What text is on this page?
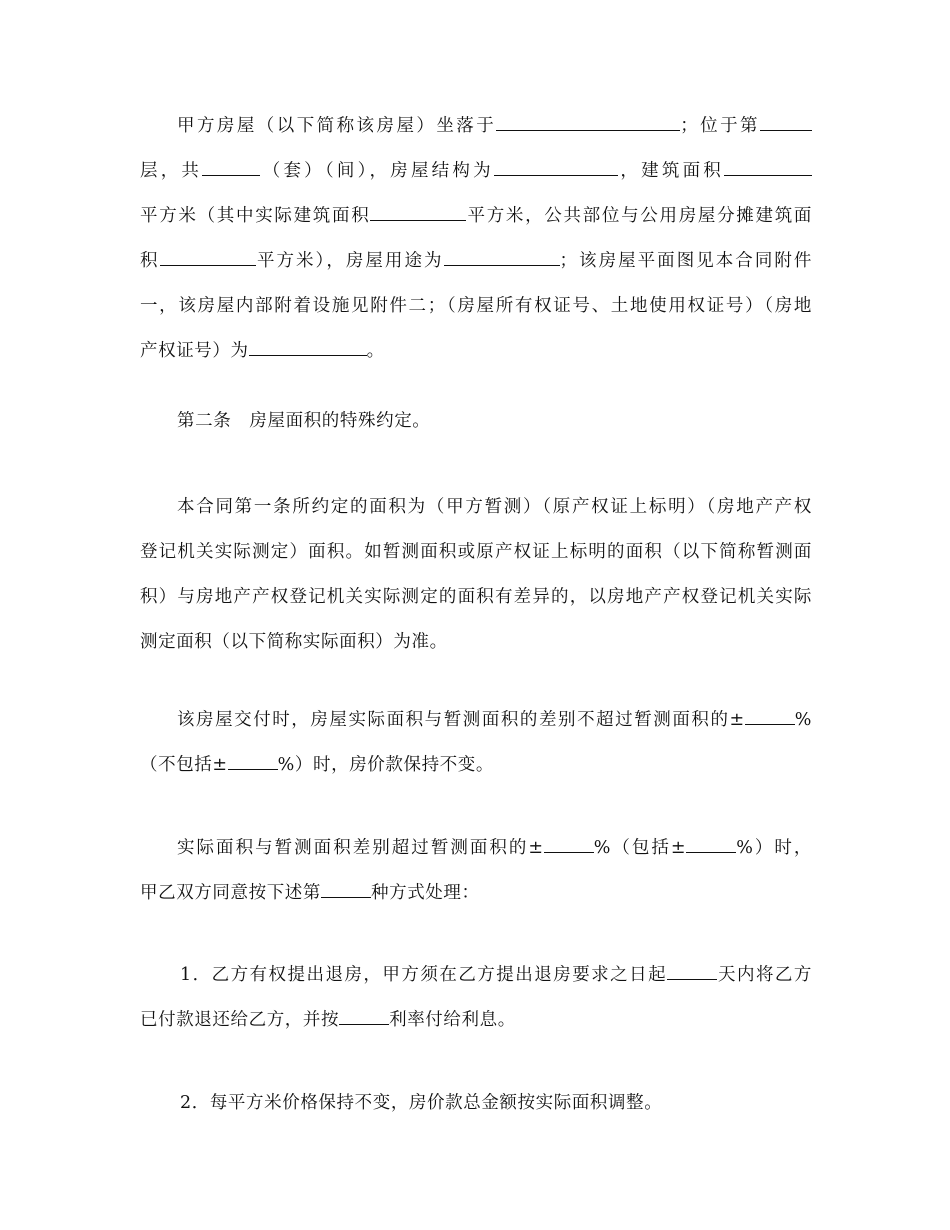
甲方房屋（以下简称该房屋）坐落于	；位于第
层，共	（套）（间），房屋结构为	，建筑面积
平方米（其中实际建筑面积	平方米，公共部位与公用房屋分摊建筑面
积	平方米），房屋用途为	；该房屋平面图见本合同附件
一，该房屋内部附着设施见附件二；（房屋所有权证号、土地使用权证号）（房地
产权证号）为	。
第二条　房屋面积的特殊约定。
本合同第一条所约定的面积为（甲方暂测）（原产权证上标明）（房地产产权
登记机关实际测定）面积。如暂测面积或原产权证上标明的面积（以下简称暂测面
积）与房地产产权登记机关实际测定的面积有差异的，以房地产产权登记机关实际
测定面积（以下简称实际面积）为准。
该房屋交付时，房屋实际面积与暂测面积的差别不超过暂测面积的±	%
（不包括±	%）时，房价款保持不变。
实际面积与暂测面积差别超过暂测面积的±	%（包括±	%）时，
甲乙双方同意按下述第	种方式处理：
1．乙方有权提出退房，甲方须在乙方提出退房要求之日起	天内将乙方
已付款退还给乙方，并按	利率付给利息。
2．每平方米价格保持不变，房价款总金额按实际面积调整。
